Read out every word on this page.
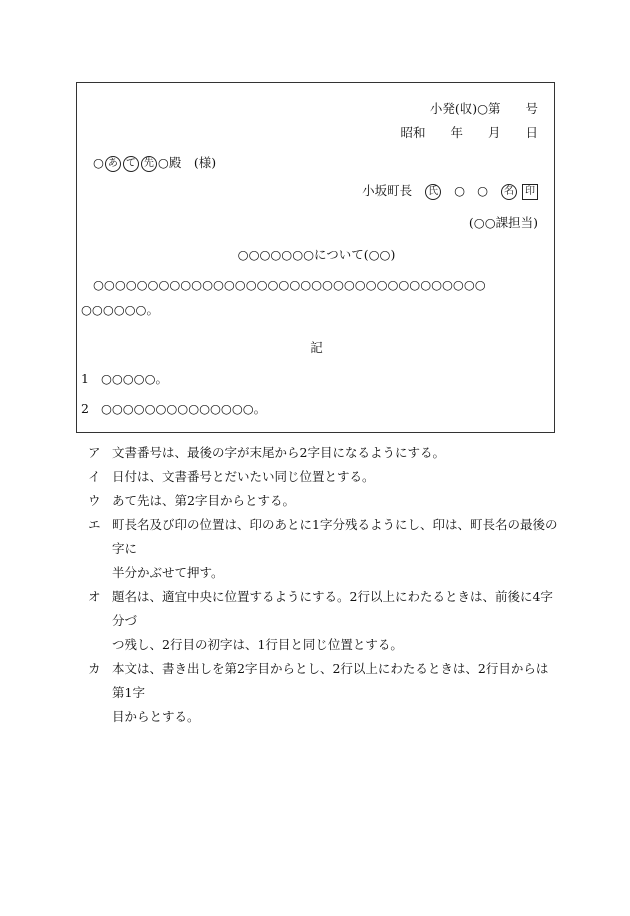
小発(収)○第　　号
昭和　　年　　月　　日
○ あ て 先 ○殿　(様)
小坂町長 氏 ○ ○ 名 印
(○○課担当)
○○○○○○○について(○○)
○○○○○○○○○○○○○○○○○○○○○○○○○○○○○○○○○○○○
○○○○○○。
記
1 ○○○○○。
2 ○○○○○○○○○○○○○○。
ア 文書番号は、最後の字が末尾から2字目になるようにする。
イ 日付は、文書番号とだいたい同じ位置とする。
ウ あて先は、第2字目からとする。
エ 町長名及び印の位置は、印のあとに1字分残るようにし、印は、町長名の最後の字に
半分かぶせて押す。
オ 題名は、適宜中央に位置するようにする。2行以上にわたるときは、前後に4字分づ
つ残し、2行目の初字は、1行目と同じ位置とする。
カ 本文は、書き出しを第2字目からとし、2行以上にわたるときは、2行目からは第1字
目からとする。
